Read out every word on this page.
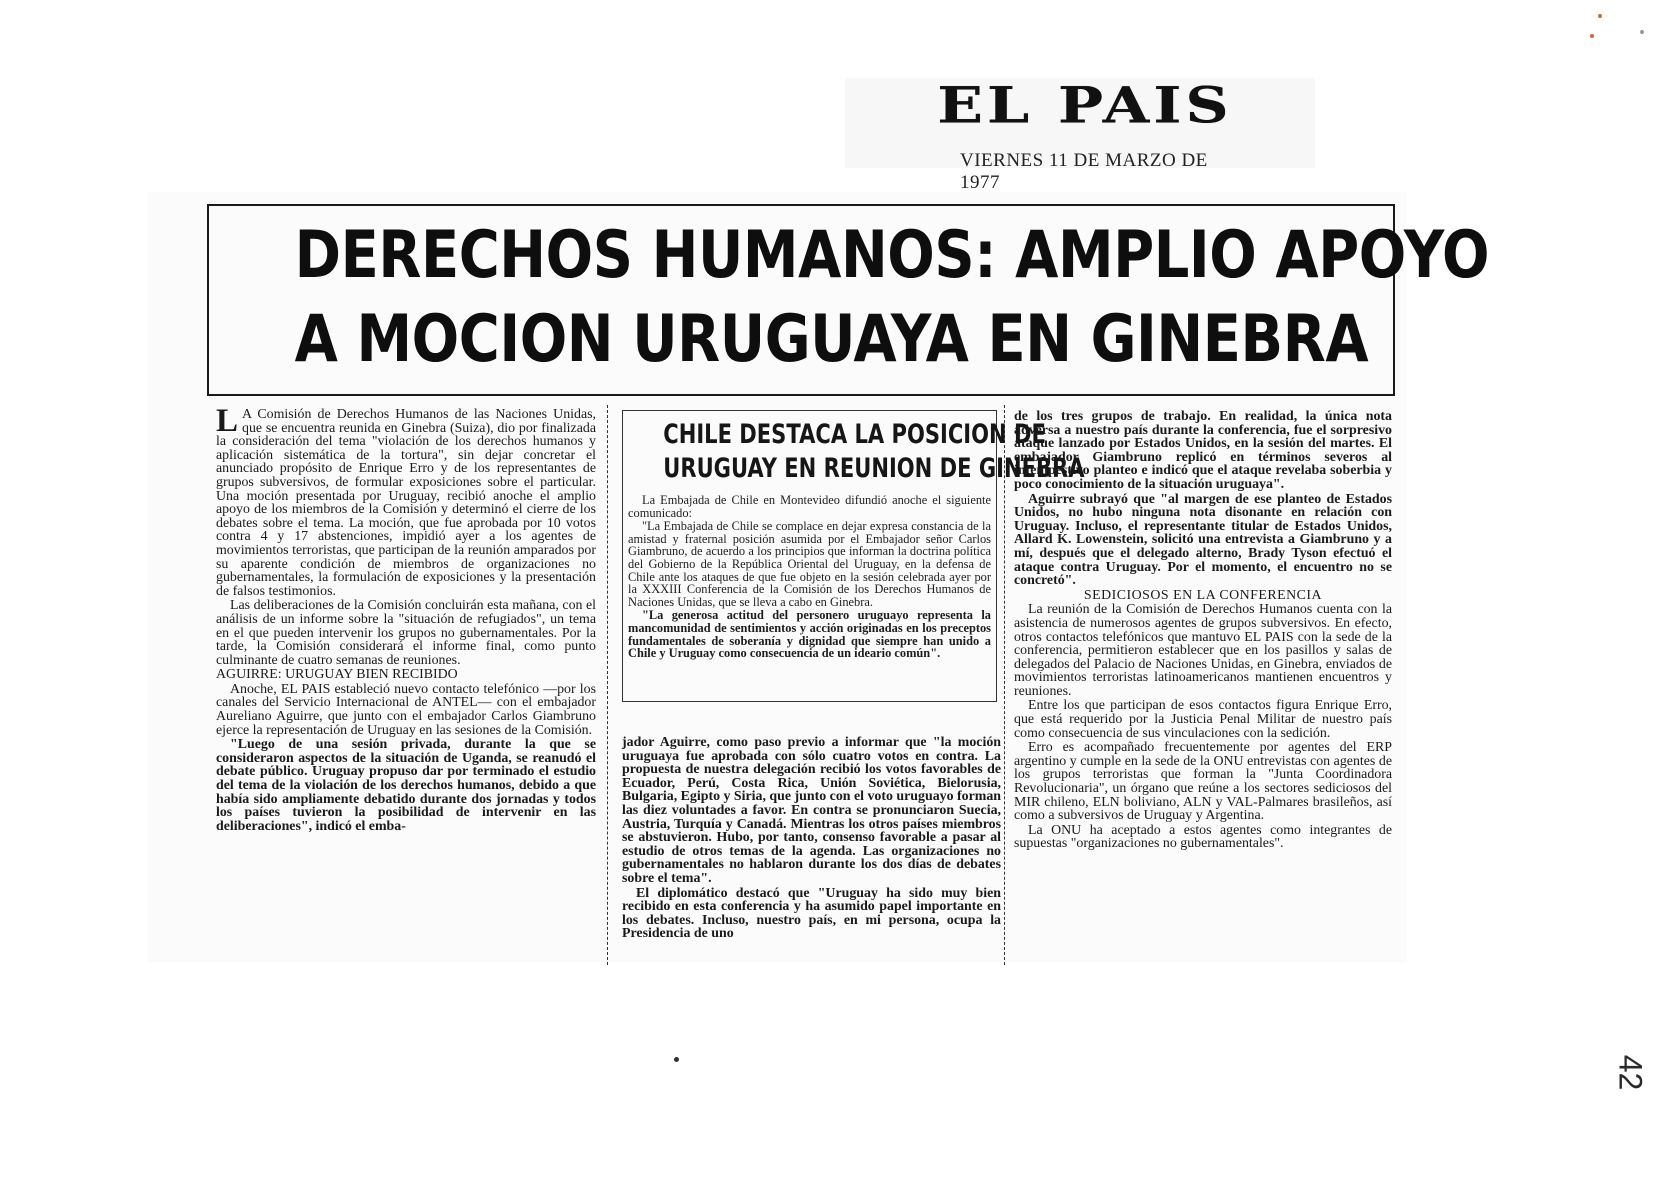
EL PAIS
VIERNES 11 DE MARZO DE 1977
DERECHOS HUMANOS: AMPLIO APOYO
A MOCION URUGUAYA EN GINEBRA

L A Comisión de Derechos Humanos de las Naciones Unidas, que se encuentra reunida en Ginebra (Suiza), dio por finalizada la consideración del tema "violación de los derechos humanos y aplicación sistemática de la tortura", sin dejar concretar el anunciado propósito de Enrique Erro y de los representantes de grupos subversivos, de formular exposiciones sobre el particular. Una moción presentada por Uruguay, recibió anoche el amplio apoyo de los miembros de la Comisión y determinó el cierre de los debates sobre el tema. La moción, que fue aprobada por 10 votos contra 4 y 17 abstenciones, impidió ayer a los agentes de movimientos terroristas, que participan de la reunión amparados por su aparente condición de miembros de organizaciones no gubernamentales, la formulación de exposiciones y la presentación de falsos testimonios.

Las deliberaciones de la Comisión concluirán esta mañana, con el análisis de un informe sobre la "situación de refugiados", un tema en el que pueden intervenir los grupos no gubernamentales. Por la tarde, la Comisión considerará el informe final, como punto culminante de cuatro semanas de reuniones.

AGUIRRE: URUGUAY BIEN RECIBIDO

Anoche, EL PAIS estableció nuevo contacto telefónico —por los canales del Servicio Internacional de ANTEL— con el embajador Aureliano Aguirre, que junto con el embajador Carlos Giambruno ejerce la representación de Uruguay en las sesiones de la Comisión.

"Luego de una sesión privada, durante la que se consideraron aspectos de la situación de Uganda, se reanudó el debate público. Uruguay propuso dar por terminado el estudio del tema de la violación de los derechos humanos, debido a que había sido ampliamente debatido durante dos jornadas y todos los países tuvieron la posibilidad de intervenir en las deliberaciones", indicó el emba-

CHILE DESTACA LA POSICION DE
URUGUAY EN REUNION DE GINEBRA

La Embajada de Chile en Montevideo difundió anoche el siguiente comunicado:

"La Embajada de Chile se complace en dejar expresa constancia de la amistad y fraternal posición asumida por el Embajador señor Carlos Giambruno, de acuerdo a los principios que informan la doctrina política del Gobierno de la República Oriental del Uruguay, en la defensa de Chile ante los ataques de que fue objeto en la sesión celebrada ayer por la XXXIII Conferencia de la Comisión de los Derechos Humanos de Naciones Unidas, que se lleva a cabo en Ginebra.

"La generosa actitud del personero uruguayo representa la mancomunidad de sentimientos y acción originadas en los preceptos fundamentales de soberanía y dignidad que siempre han unido a Chile y Uruguay como consecuencia de un ideario común".

jador Aguirre, como paso previo a informar que "la moción uruguaya fue aprobada con sólo cuatro votos en contra. La propuesta de nuestra delegación recibió los votos favorables de Ecuador, Perú, Costa Rica, Unión Soviética, Bielorusia, Bulgaria, Egipto y Siria, que junto con el voto uruguayo forman las diez voluntades a favor. En contra se pronunciaron Suecia, Austria, Turquía y Canadá. Mientras los otros países miembros se abstuvieron. Hubo, por tanto, consenso favorable a pasar al estudio de otros temas de la agenda. Las organizaciones no gubernamentales no hablaron durante los dos días de debates sobre el tema".

El diplomático destacó que "Uruguay ha sido muy bien recibido en esta conferencia y ha asumido papel importante en los debates. Incluso, nuestro país, en mi persona, ocupa la Presidencia de uno

de los tres grupos de trabajo. En realidad, la única nota adversa a nuestro país durante la conferencia, fue el sorpresivo ataque lanzado por Estados Unidos, en la sesión del martes. El embajador Giambruno replicó en términos severos al intempestivo planteo e indicó que el ataque revelaba soberbia y poco conocimiento de la situación uruguaya".

Aguirre subrayó que "al margen de ese planteo de Estados Unidos, no hubo ninguna nota disonante en relación con Uruguay. Incluso, el representante titular de Estados Unidos, Allard K. Lowenstein, solicitó una entrevista a Giambruno y a mí, después que el delegado alterno, Brady Tyson efectuó el ataque contra Uruguay. Por el momento, el encuentro no se concretó".

SEDICIOSOS EN LA CONFERENCIA

La reunión de la Comisión de Derechos Humanos cuenta con la asistencia de numerosos agentes de grupos subversivos. En efecto, otros contactos telefónicos que mantuvo EL PAIS con la sede de la conferencia, permitieron establecer que en los pasillos y salas de delegados del Palacio de Naciones Unidas, en Ginebra, enviados de movimientos terroristas latinoamericanos mantienen encuentros y reuniones.

Entre los que participan de esos contactos figura Enrique Erro, que está requerido por la Justicia Penal Militar de nuestro país como consecuencia de sus vinculaciones con la sedición.

Erro es acompañado frecuentemente por agentes del ERP argentino y cumple en la sede de la ONU entrevistas con agentes de los grupos terroristas que forman la "Junta Coordinadora Revolucionaria", un órgano que reúne a los sectores sediciosos del MIR chileno, ELN boliviano, ALN y VAL-Palmares brasileños, así como a subversivos de Uruguay y Argentina.

La ONU ha aceptado a estos agentes como integrantes de supuestas "organizaciones no gubernamentales".

42
